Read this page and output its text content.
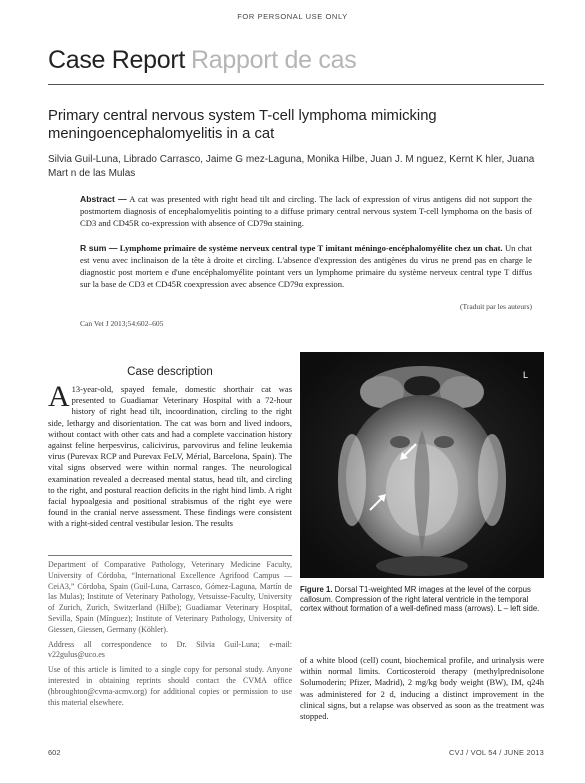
FOR PERSONAL USE ONLY
Case Report Rapport de cas
Primary central nervous system T-cell lymphoma mimicking meningoencephalomyelitis in a cat
Silvia Guil-Luna, Librado Carrasco, Jaime G mez-Laguna, Monika Hilbe, Juan J. M nguez, Kernt K hler, Juana Mart n de las Mulas
Abstract — A cat was presented with right head tilt and circling. The lack of expression of virus antigens did not support the postmortem diagnosis of encephalomyelitis pointing to a diffuse primary central nervous system T-cell lymphoma on the basis of CD3 and CD45R co-expression with absence of CD79α staining.
R sum — Lymphome primaire de système nerveux central type T imitant méningo-encéphalomyélite chez un chat. Un chat est venu avec inclinaison de la tête à droite et circling. L'absence d'expression des antigènes du virus ne prend pas en charge le diagnostic post mortem e d'une encéphalomyélite pointant vers un lymphome primaire du système nerveux central type T diffus sur la base de CD3 et CD45R coexpression avec absence CD79α expression.
(Traduit par les auteurs)
Can Vet J 2013;54:602–605
Case description
A 13-year-old, spayed female, domestic shorthair cat was presented to Guadiamar Veterinary Hospital with a 72-hour history of right head tilt, incoordination, circling to the right side, lethargy and disorientation. The cat was born and lived indoors, without contact with other cats and had a complete vaccination history against feline herpesvirus, calicivirus, parvovirus and feline leukemia virus (Purevax RCP and Purevax FeLV, Mérial, Barcelona, Spain). The vital signs observed were within normal ranges. The neurological examination revealed a decreased mental status, head tilt, and circling to the right, and postural reaction deficits in the right hind limb. A right facial hypoalgesia and positional strabismus of the right eye were found in the cranial nerve assessment. These findings were consistent with a right-sided central vestibular lesion. The results

Department of Comparative Pathology, Veterinary Medicine Faculty, University of Córdoba, “International Excellence Agrifood Campus — CeiA3,” Córdoba, Spain (Guil-Luna, Carrasco, Gómez-Laguna, Martín de las Mulas); Institute of Veterinary Pathology, Vetsuisse-Faculty, University of Zurich, Zurich, Switzerland (Hilbe); Guadiamar Veterinary Hospital, Sevilla, Spain (Mínguez); Institute of Veterinary Pathology, University of Giessen, Giessen, Germany (Köhler).

Address all correspondence to Dr. Silvia Guil-Luna; e-mail: v22gulus@uco.es

Use of this article is limited to a single copy for personal study. Anyone interested in obtaining reprints should contact the CVMA office (hbroughton@cvma-acmv.org) for additional copies or permission to use this material elsewhere.

L
Figure 1. Dorsal T1-weighted MR images at the level of the corpus callosum. Compression of the right lateral ventricle in the temporal cortex without formation of a well-defined mass (arrows). L – left side.
of a white blood (cell) count, biochemical profile, and urinalysis were within normal limits. Corticosteroid therapy (methylprednisolone Solumoderin; Pfizer, Madrid), 2 mg/kg body weight (BW), IM, q24h was administered for 2 d, inducing a distinct improvement in the clinical signs, but a relapse was observed as soon as the treatment was stopped.
602	CVJ / VOL 54 / JUNE 2013
